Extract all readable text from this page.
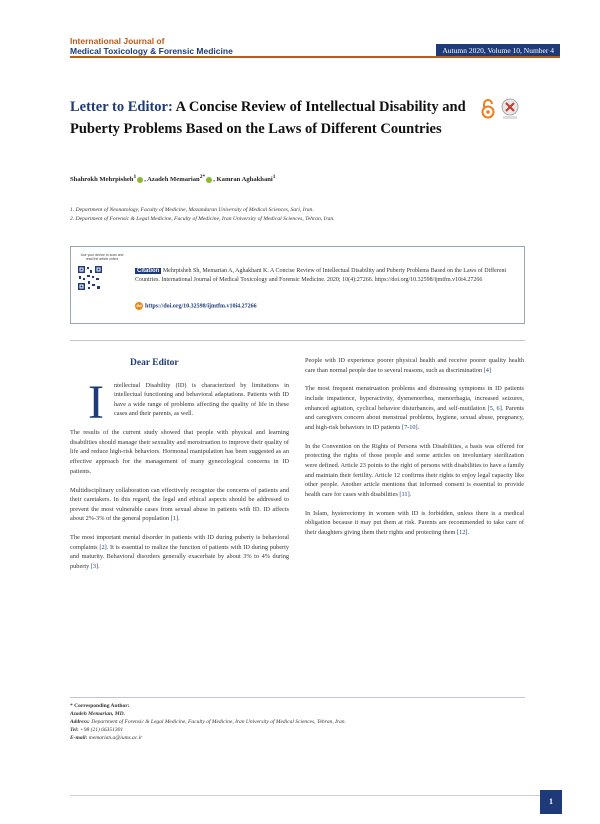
International Journal of
Medical Toxicology & Forensic Medicine	Autumn 2020, Volume 10, Number 4
Letter to Editor: A Concise Review of Intellectual Disability and Puberty Problems Based on the Laws of Different Countries
Shahrokh Mehrpisheh$^1$ , Azadeh Memarian$^{2*}$ , Kamran Aghakhani$^1$
1. Department of Neonatology, Faculty of Medicine, Mazandaran University of Medical Sciences, Sari, Iran.
2. Department of Forensic & Legal Medicine, Faculty of Medicine, Iran University of Medical Sciences, Tehran, Iran.
Use your device to scan and read the article online
Citation Mehrpisheh Sh, Memarian A, Aghakhani K. A Concise Review of Intellectual Disability and Puberty Problems Based on the Laws of Different Countries. International Journal of Medical Toxicology and Forensic Medicine. 2020; 10(4):27266. https://doi.org/10.32598/ijmtfm.v10i4.27266
doi https://doi.org/10.32598/ijmtfm.v10i4.27266
Dear Editor

I ntellectual Disability (ID) is characterized by limitations in intellectual functioning and behavioral adaptations. Patients with ID have a wide range of problems affecting the quality of life in these cases and their parents, as well.

The results of the current study showed that people with physical and learning disabilities should manage their sexuality and menstruation to improve their quality of life and reduce high-risk behaviors. Hormonal manipulation has been suggested as an effective approach for the management of many gynecological concerns in ID patients.

Multidisciplinary collaboration can effectively recognize the concerns of patients and their caretakers. In this regard, the legal and ethical aspects should be addressed to prevent the most vulnerable cases from sexual abuse in patients with ID. ID affects about 2%-3% of the general population [1].

The most important mental disorder in patients with ID during puberty is behavioral complaints [2]. It is essential to realize the function of patients with ID during puberty and maturity. Behavioral disorders generally exacerbate by about 3% to 4% during puberty [3].

People with ID experience poorer physical health and receive poorer quality health care than normal people due to several reasons, such as discrimination [4]

The most frequent menstruation problems and distressing symptoms in ID patients include impatience, hyperactivity, dysmenorrhea, menorrhagia, increased seizures, enhanced agitation, cyclical behavior disturbances, and self-mutilation [5, 6]. Parents and caregivers concern about menstrual problems, hygiene, sexual abuse, pregnancy, and high-risk behaviors in ID patients [7-10].

In the Convention on the Rights of Persons with Disabilities, a basis was offered for protecting the rights of those people and some articles on involuntary sterilization were defined. Article 23 points to the right of persons with disabilities to have a family and maintain their fertility. Article 12 confirms their rights to enjoy legal capacity like other people. Another article mentions that informed consent is essential to provide health care for cases with disabilities [11].

In Islam, hysterectomy in women with ID is forbidden, unless there is a medical obligation because it may put them at risk. Parents are recommended to take care of their daughters giving them their rights and protecting them [12].

* Corresponding Author:
Azadeh Memarian, MD.
Address: Department of Forensic & Legal Medicine, Faculty of Medicine, Iran University of Medical Sciences, Tehran, Iran.
Tel: +98 (21) 66351301
E-mail: memarian.a@iums.ac.ir
1
